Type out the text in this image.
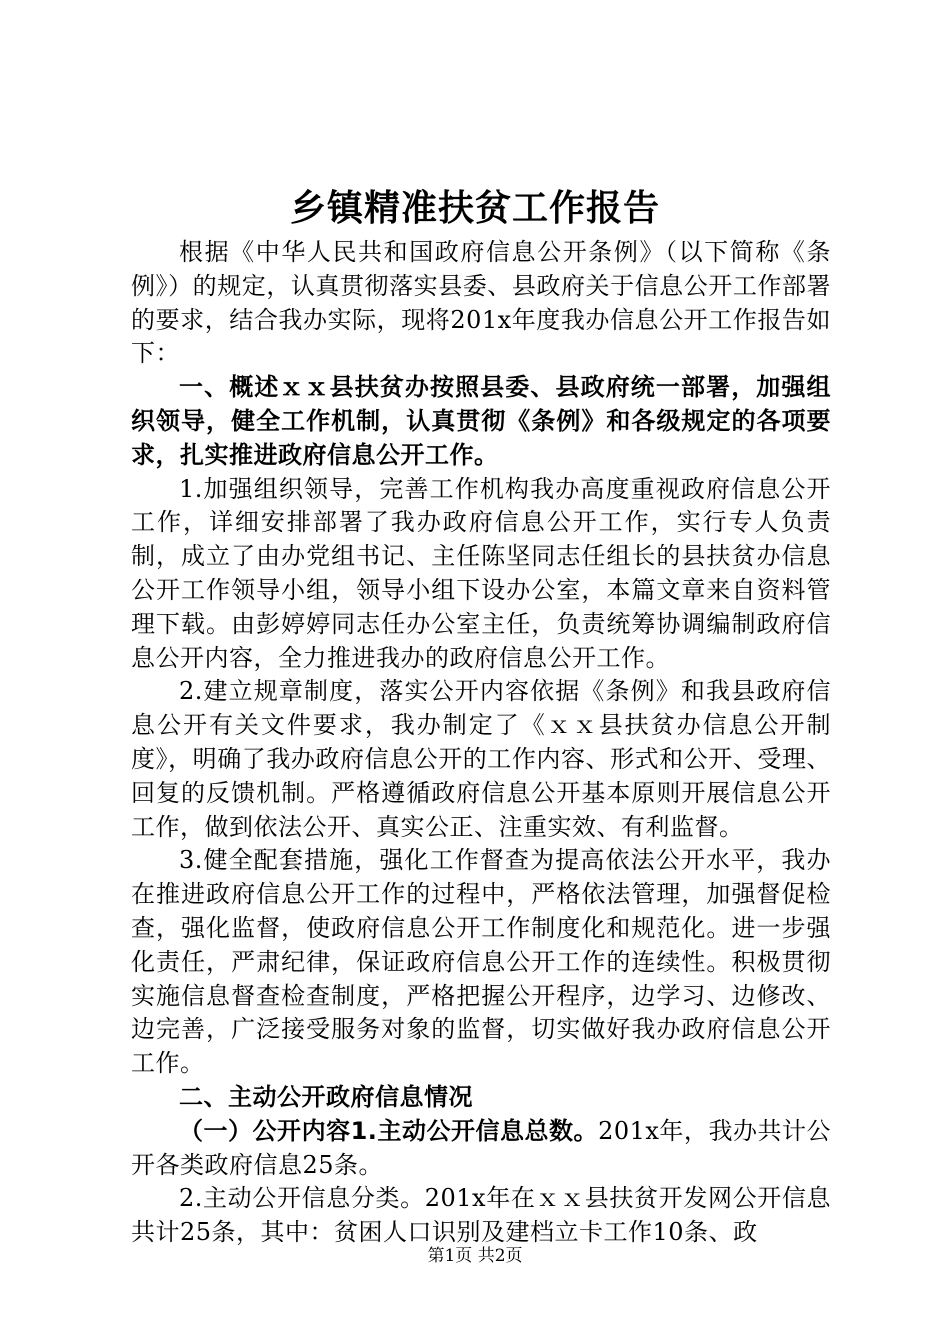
乡镇精准扶贫工作报告

根据《中华人民共和国政府信息公开条例》（以下简称《条例》）的规定，认真贯彻落实县委、县政府关于信息公开工作部署的要求，结合我办实际，现将201x年度我办信息公开工作报告如下：

一、概述ｘｘ县扶贫办按照县委、县政府统一部署，加强组织领导，健全工作机制，认真贯彻《条例》和各级规定的各项要求，扎实推进政府信息公开工作。

1.加强组织领导，完善工作机构我办高度重视政府信息公开工作，详细安排部署了我办政府信息公开工作，实行专人负责制，成立了由办党组书记、主任陈坚同志任组长的县扶贫办信息公开工作领导小组，领导小组下设办公室，本篇文章来自资料管理下载。由彭婷婷同志任办公室主任，负责统筹协调编制政府信息公开内容，全力推进我办的政府信息公开工作。

2.建立规章制度，落实公开内容依据《条例》和我县政府信息公开有关文件要求，我办制定了《ｘｘ县扶贫办信息公开制度》，明确了我办政府信息公开的工作内容、形式和公开、受理、回复的反馈机制。严格遵循政府信息公开基本原则开展信息公开工作，做到依法公开、真实公正、注重实效、有利监督。

3.健全配套措施，强化工作督查为提高依法公开水平，我办在推进政府信息公开工作的过程中，严格依法管理，加强督促检查，强化监督，使政府信息公开工作制度化和规范化。进一步强化责任，严肃纪律，保证政府信息公开工作的连续性。积极贯彻实施信息督查检查制度，严格把握公开程序，边学习、边修改、边完善，广泛接受服务对象的监督，切实做好我办政府信息公开工作。

二、主动公开政府信息情况

（一）公开内容1.主动公开信息总数。201x年，我办共计公开各类政府信息25条。

2.主动公开信息分类。201x年在ｘｘ县扶贫开发网公开信息共计25条，其中：贫困人口识别及建档立卡工作10条、政

第1页 共2页
